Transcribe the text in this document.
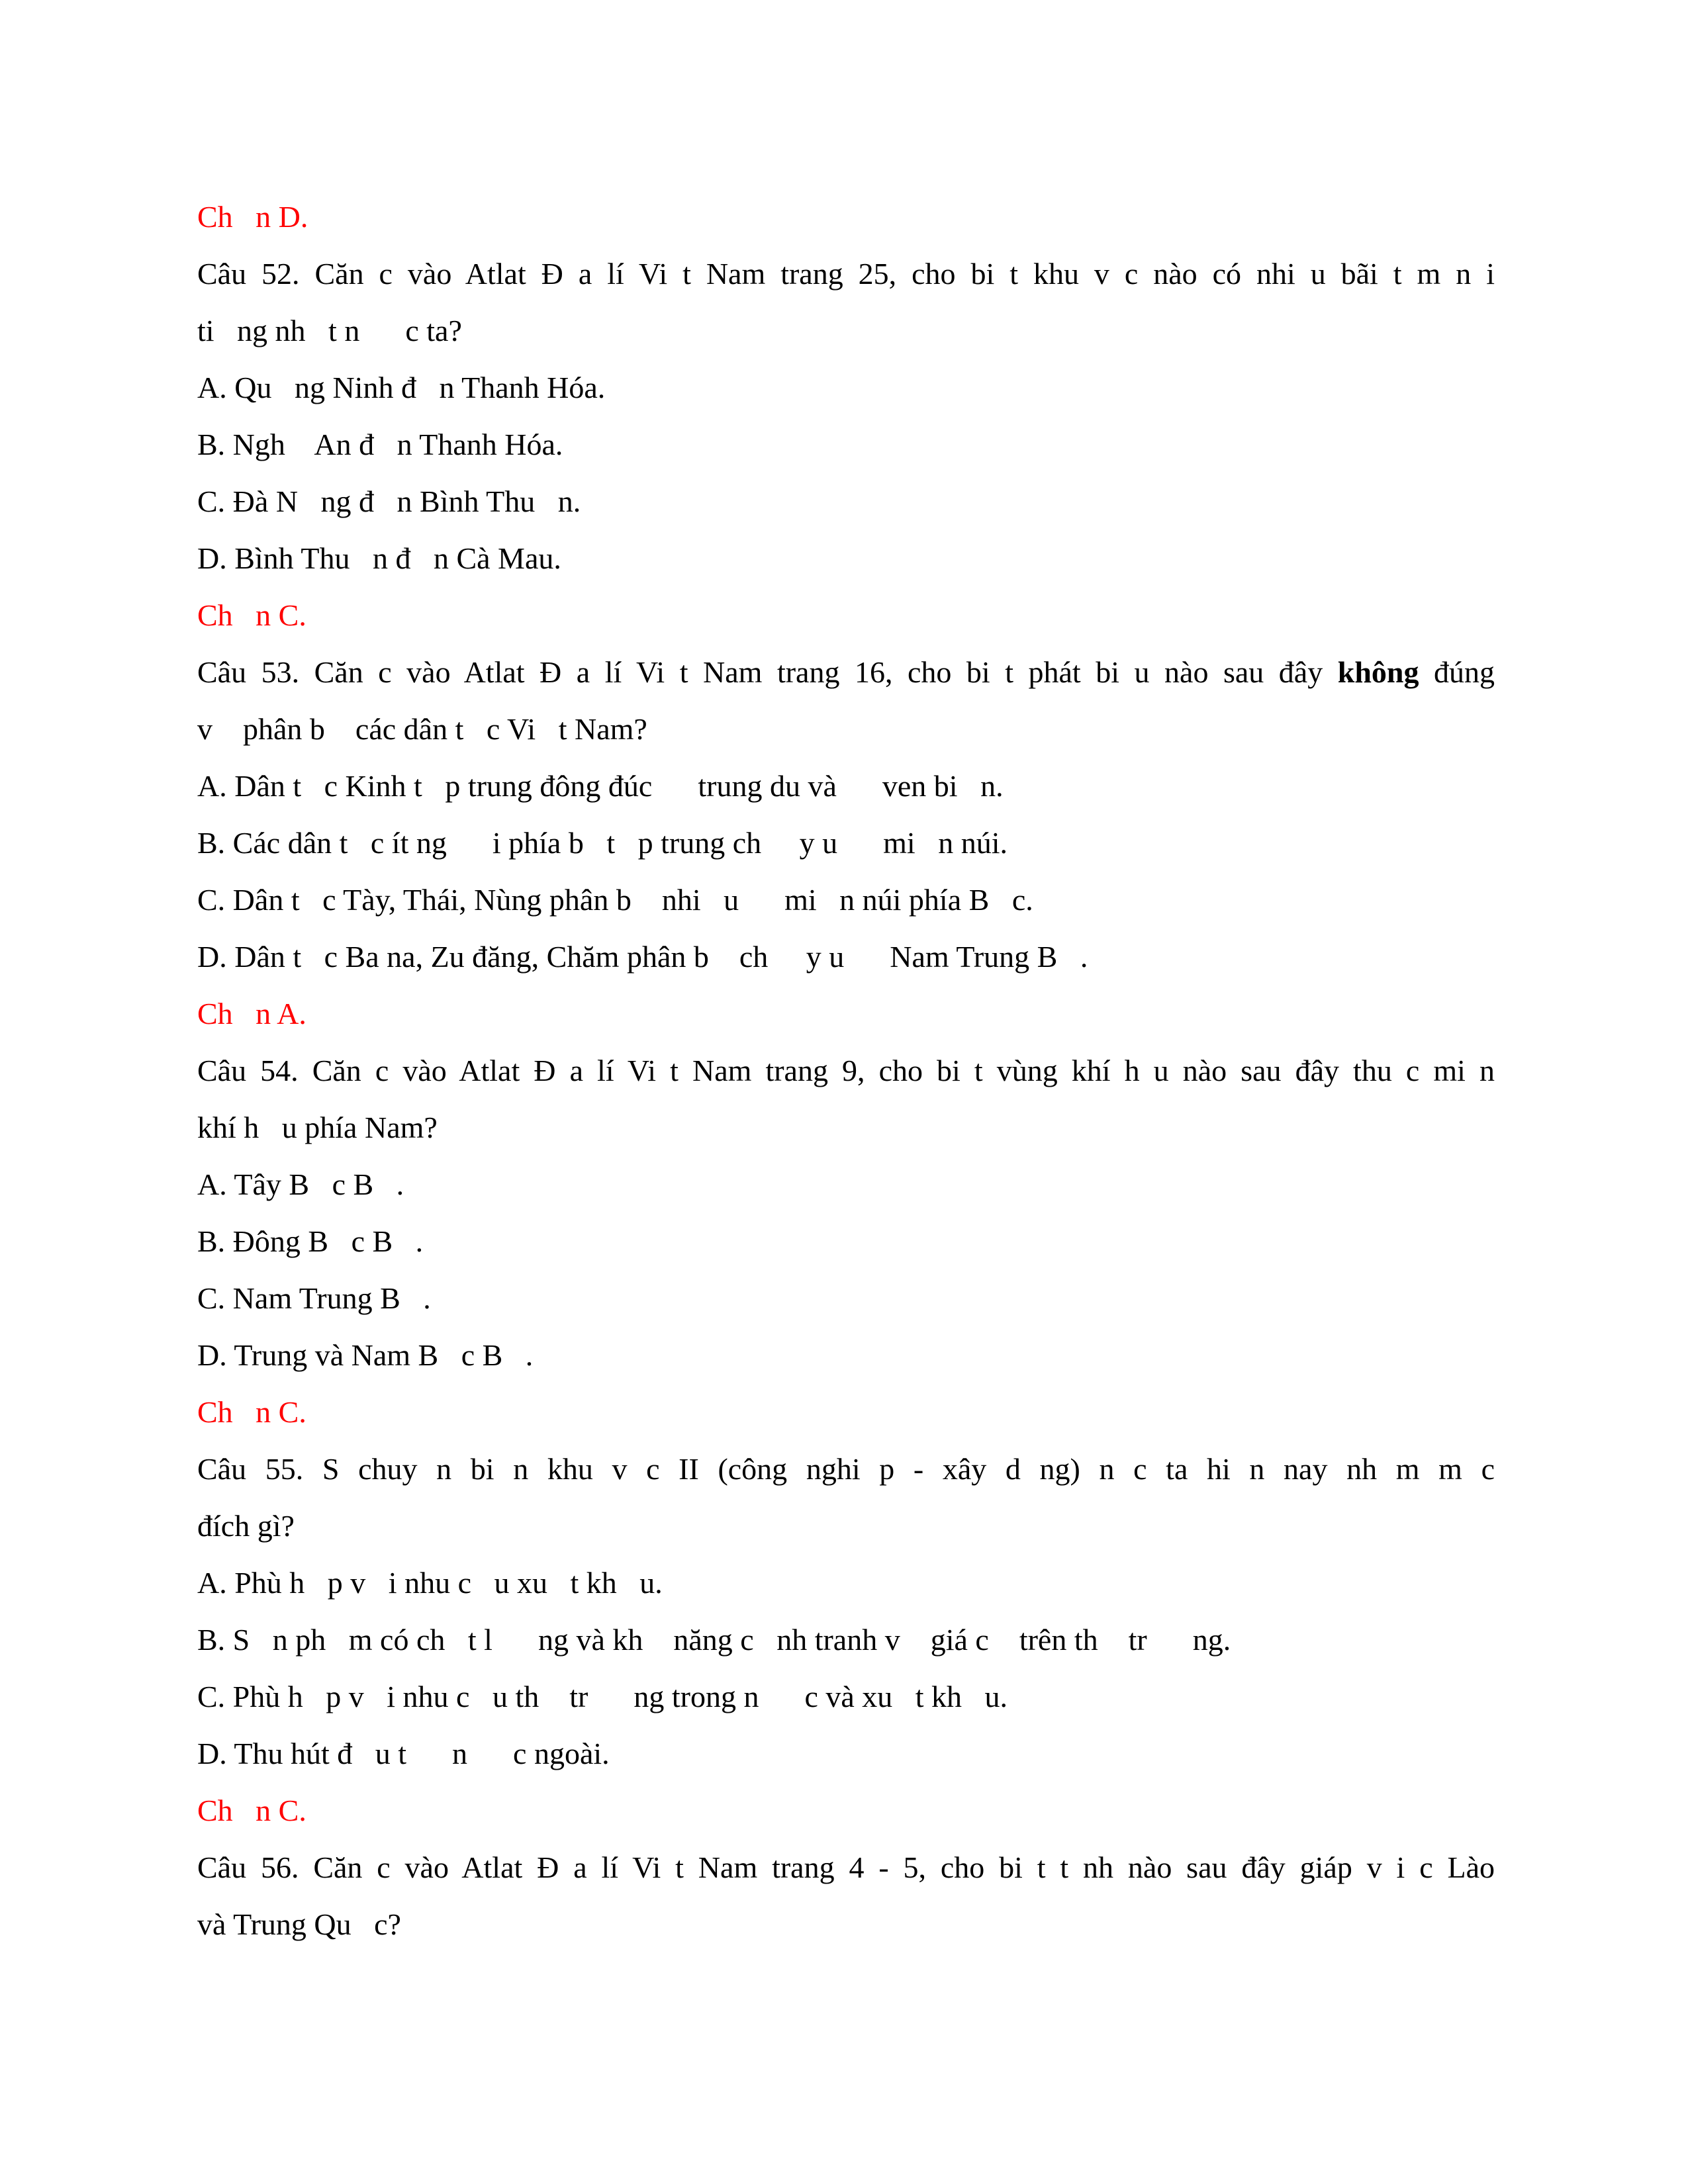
Ch   n D.
Câu 52. Căn c vào Atlat Đ a lí Vi t Nam trang 25, cho bi t khu v c nào có nhi u bãi t m n i
ti   ng nh   t n      c ta?
A. Qu   ng Ninh đ   n Thanh Hóa.
B. Ngh    An đ   n Thanh Hóa.
C. Đà N   ng đ   n Bình Thu   n.
D. Bình Thu   n đ   n Cà Mau.
Ch   n C.
Câu 53. Căn c vào Atlat Đ a lí Vi t Nam trang 16, cho bi t phát bi u nào sau đây không đúng
v    phân b    các dân t   c Vi   t Nam?
A. Dân t   c Kinh t   p trung đông đúc      trung du và      ven bi   n.
B. Các dân t   c ít ng      i phía b   t   p trung ch     y u      mi   n núi.
C. Dân t   c Tày, Thái, Nùng phân b    nhi   u      mi   n núi phía B   c.
D. Dân t   c Ba na, Zu đăng, Chăm phân b    ch     y u      Nam Trung B   .
Ch   n A.
Câu 54. Căn c vào Atlat Đ a lí Vi t Nam trang 9, cho bi t vùng khí h u nào sau đây thu c mi n
khí h   u phía Nam?
A. Tây B   c B   .
B. Đông B   c B   .
C. Nam Trung B   .
D. Trung và Nam B   c B   .
Ch   n C.
Câu 55. S chuy n bi n khu v c II (công nghi p - xây d ng) n c ta hi n nay nh m m c
đích gì?
A. Phù h   p v   i nhu c   u xu   t kh   u.
B. S   n ph   m có ch   t l      ng và kh    năng c   nh tranh v    giá c    trên th    tr      ng.
C. Phù h   p v   i nhu c   u th    tr      ng trong n      c và xu   t kh   u.
D. Thu hút đ   u t      n      c ngoài.
Ch   n C.
Câu 56. Căn c vào Atlat Đ a lí Vi t Nam trang 4 - 5, cho bi t t nh nào sau đây giáp v i c Lào
và Trung Qu   c?
